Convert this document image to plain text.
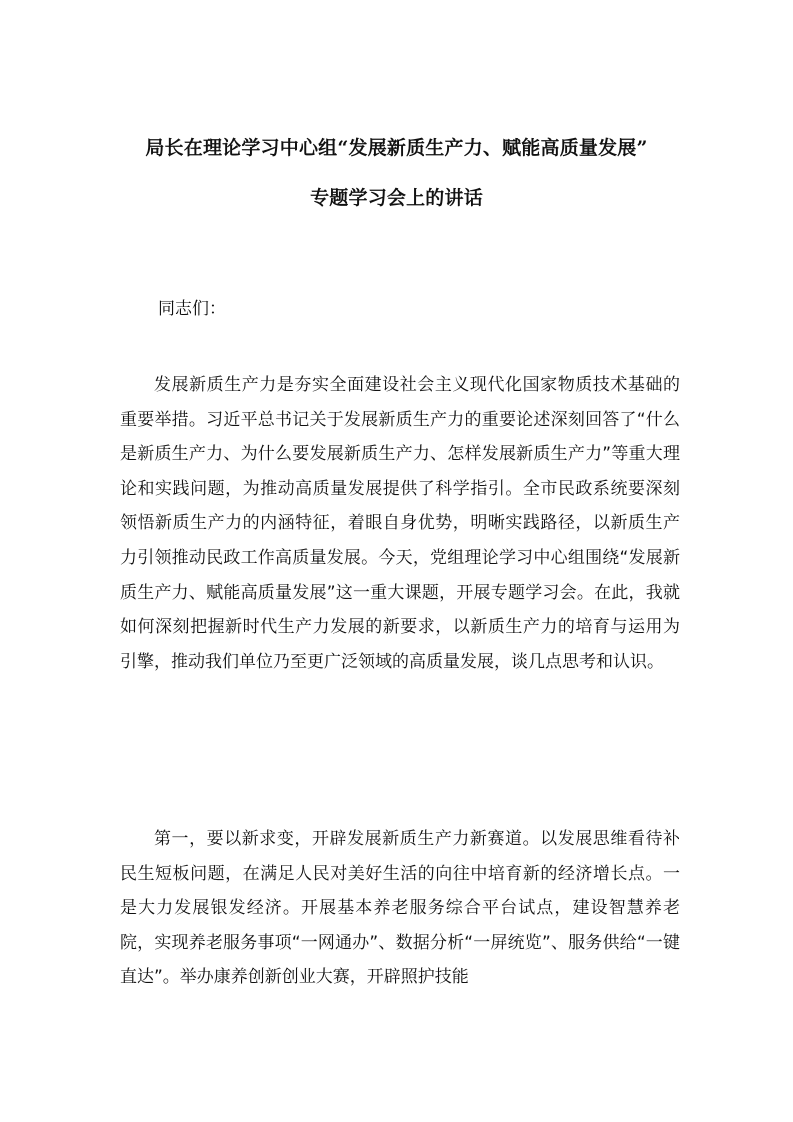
局长在理论学习中心组“发展新质生产力、赋能高质量发展”
专题学习会上的讲话
同志们：

发展新质生产力是夯实全面建设社会主义现代化国家物质技术基础的重要举措。习近平总书记关于发展新质生产力的重要论述深刻回答了“什么是新质生产力、为什么要发展新质生产力、怎样发展新质生产力”等重大理论和实践问题，为推动高质量发展提供了科学指引。全市民政系统要深刻领悟新质生产力的内涵特征，着眼自身优势，明晰实践路径，以新质生产力引领推动民政工作高质量发展。今天，党组理论学习中心组围绕“发展新质生产力、赋能高质量发展”这一重大课题，开展专题学习会。在此，我就如何深刻把握新时代生产力发展的新要求，以新质生产力的培育与运用为引擎，推动我们单位乃至更广泛领域的高质量发展，谈几点思考和认识。

第一，要以新求变，开辟发展新质生产力新赛道。以发展思维看待补民生短板问题，在满足人民对美好生活的向往中培育新的经济增长点。一是大力发展银发经济。开展基本养老服务综合平台试点，建设智慧养老院，实现养老服务事项“一网通办”、数据分析“一屏统览”、服务供给“一键直达”。举办康养创新创业大赛，开辟照护技能
